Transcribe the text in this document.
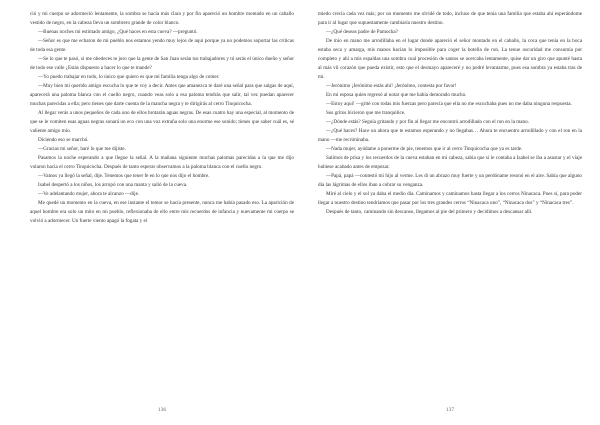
ció y mi cuerpo se adormeció lentamente, la sombra se hacía más clara y por fin apareció un hombre montado en un caballo vestido de negro, en la cabeza lleva un sombrero grande de color blanco.

—Buenas noches mi estimado amigo, ¿Qué haces en esta cueva? —preguntó.

—Señor es que me echaron de mi pueblo nos estamos yendo muy lejos de aquí porque ya no podemos soportar las críticas de toda esa gente.

—Se lo que te pasó, si me obedeces te juro que la gente de San Juan serán tus trabajadores y tú serás el único dueño y señor de todo ese valle ¿Estás dispuesto a hacer lo que te mande?

—Yo puedo trabajar en todo, lo único que quiero es que mi familia tenga algo de comer.

—Muy bien mi querido amigo escucha lo que te voy a decir. Antes que amanezca te daré una señal para que salgas de aquí, aparecerá una paloma blanca con el cuello negro, cuando veas solo a esa paloma tendrás que salir, tal vez puedan aparecer muchas parecidas a ella; pero tienes que darte cuenta de la mancha negra y te dirigirás al cerro Tinquicocha.

Al llegar verás a unos pequeños de cada uno de ellos brotarán aguas negras. De esas cuatro hay una especial, al momento de que se le vomiten esas aguas negras sonará un eco con una voz extraña solo una enorme ese sonido; tienes que saber cuál es, sé valiente amigo mío.

Diciendo eso se marchó.

—Gracias mi señor, haré lo que me dijiste.

Pasamos la noche esperando a que llegue la señal. A la mañana siguiente muchas palomas parecidas a la que me dijo volaron hacia el cerro Tinquicocha. Después de tanto esperar observamos a la paloma blanca con el cuello negro.

—Vamos ya llegó la señal, dije. Tenemos que tener fe en lo que nos dijo el hombre.

Isabel despertó a los niños, los arropó con una manta y salió de la cueva.

—Ve adelantando mujer, ahora te alcanzo —dije.

Me quedé un momento en la cueva, en ese instante el temor se hacía presente, nunca me había pasado eso. La aparición de aquel hombre era solo un mito en mi pueblo, reflexionaba de ello entre mis recuerdos de infancia y nuevamente mi cuerpo se volvió a adormecer. Un fuerte viento apagó la fogata y el

136

miedo crecía cada vez más; por un momento me olvidé de todo, incluso de que tenía una familia que estaba ahí esperándome para ir al lugar que supuestamente cambiaría nuestro destino.

—¿Qué deseas padre de Pamocha?

De mío en mano me arrodillaba en el lugar donde apareció el señor montado en el caballo, la coca que tenía en la boca estaba seca y amarga, mis manos hacían lo imposible para coger la botella de ron. La tenue oscuridad me consumía por completo y ahí a mis espaldas una sombra cual procesión de santos se acercaba lentamente, quise dar un giro que apunté hasta al más vil corazón que pueda existir, esto que el desmayo apareceré y no podré levantarme, pues esa sombra ya estaba tras de mí.

—Jerónimo ¡Jerónimo estás ahí! ¡Jerónimo, contesta por favor!

En mi esposa quien regresó al notar que me había demorado mucho.

—Estoy aquí! —grité con todas mis fuerzas pero parecía que ella no me escuchaba pues no me daba ninguna respuesta.

Sus gritos hicieron que me tranquilice.

—¿Dónde estás? Seguía gritando y por fin al llegar me encontró arrodillado con el ron en la mano.

—¿Qué haces? Hace un ahora que te estamos esperando y no llegabas… Ahora te encuentro arrodillado y con el ron en la mano —me recriminaba.

—Nada mujer, ayúdame a ponerme de pie, tenemos que ir al cerro Tinquicocha que ya es tarde.

Salimos de prisa y los recuerdos de la cueva estaban en mi cabeza, sabía que si le contaba a Isabel se iba a asustar y el viaje hubiese acabado antes de empezar.

—Papá, papá —contestó mi hijo al verme. Les di un abrazo muy fuerte y un perdóname resonó en el aire. Sabía que alguno día las lágrimas de ellos iban a cobrar su venganza.

Miré al cielo y el sol ya daba el medio día. Caminamos y caminamos hasta llegar a los cerros Ninacaca. Pues sí, para poder llegar a nuestro destino tendríamos que pasar por los tres grandes cerros “Ninacaca uno”, “Ninacaca dos” y “Ninacaca tres”.

Después de tanto, caminando sin descanso, llegamos al pie del primero y decidimos a descansar allí.

137
